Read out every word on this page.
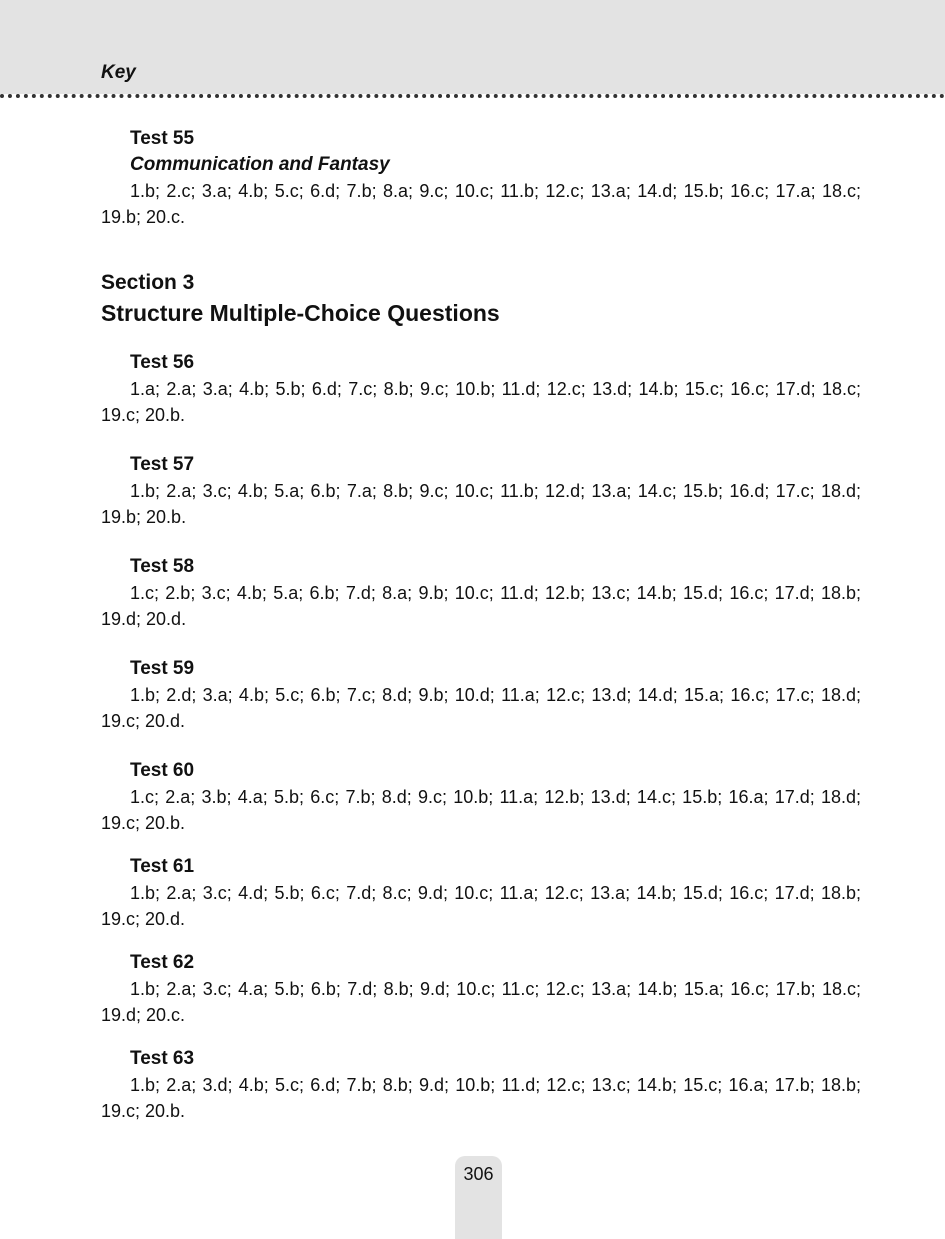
Key
Test 55
Communication and Fantasy
1.b; 2.c; 3.a; 4.b; 5.c; 6.d; 7.b; 8.a; 9.c; 10.c; 11.b; 12.c; 13.a; 14.d; 15.b; 16.c; 17.a; 18.c; 19.b; 20.c.
Section 3
Structure Multiple-Choice Questions
Test 56
1.a; 2.a; 3.a; 4.b; 5.b; 6.d; 7.c; 8.b; 9.c; 10.b; 11.d; 12.c; 13.d; 14.b; 15.c; 16.c; 17.d; 18.c; 19.c; 20.b.
Test 57
1.b; 2.a; 3.c; 4.b; 5.a; 6.b; 7.a; 8.b; 9.c; 10.c; 11.b; 12.d; 13.a; 14.c; 15.b; 16.d; 17.c; 18.d; 19.b; 20.b.
Test 58
1.c; 2.b; 3.c; 4.b; 5.a; 6.b; 7.d; 8.a; 9.b; 10.c; 11.d; 12.b; 13.c; 14.b; 15.d; 16.c; 17.d; 18.b; 19.d; 20.d.
Test 59
1.b; 2.d; 3.a; 4.b; 5.c; 6.b; 7.c; 8.d; 9.b; 10.d; 11.a; 12.c; 13.d; 14.d; 15.a; 16.c; 17.c; 18.d; 19.c; 20.d.
Test 60
1.c; 2.a; 3.b; 4.a; 5.b; 6.c; 7.b; 8.d; 9.c; 10.b; 11.a; 12.b; 13.d; 14.c; 15.b; 16.a; 17.d; 18.d; 19.c; 20.b.
Test 61
1.b; 2.a; 3.c; 4.d; 5.b; 6.c; 7.d; 8.c; 9.d; 10.c; 11.a; 12.c; 13.a; 14.b; 15.d; 16.c; 17.d; 18.b; 19.c; 20.d.
Test 62
1.b; 2.a; 3.c; 4.a; 5.b; 6.b; 7.d; 8.b; 9.d; 10.c; 11.c; 12.c; 13.a; 14.b; 15.a; 16.c; 17.b; 18.c; 19.d; 20.c.
Test 63
1.b; 2.a; 3.d; 4.b; 5.c; 6.d; 7.b; 8.b; 9.d; 10.b; 11.d; 12.c; 13.c; 14.b; 15.c; 16.a; 17.b; 18.b; 19.c; 20.b.
306
